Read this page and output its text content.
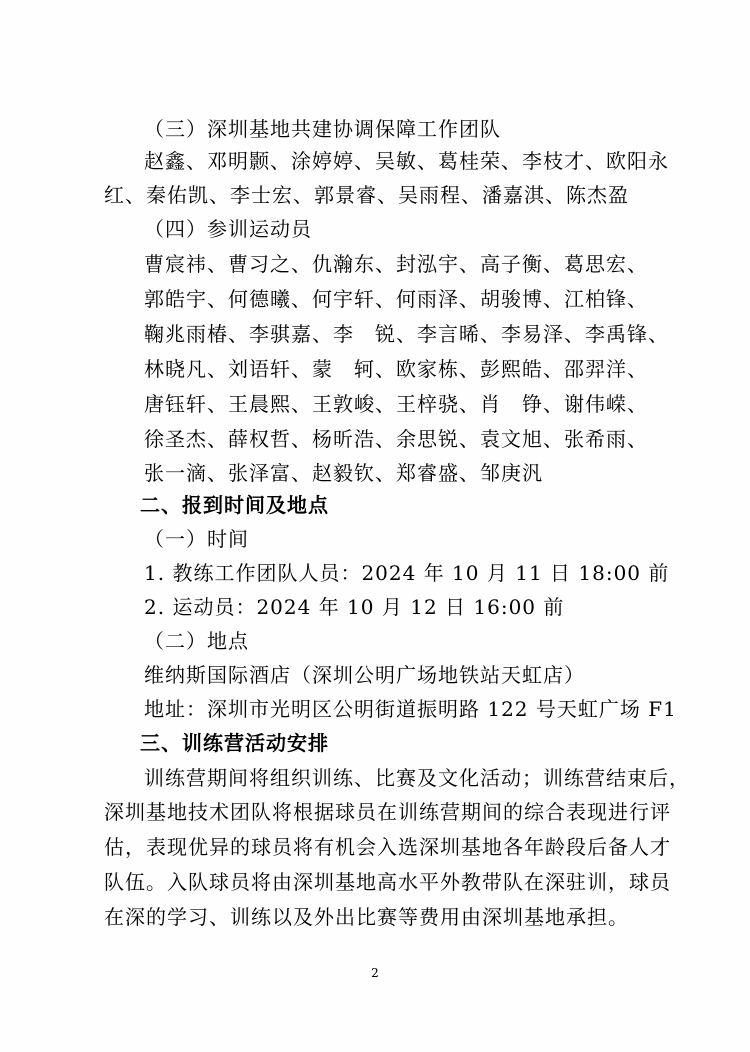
（三）深圳基地共建协调保障工作团队
赵鑫、邓明颢、涂婷婷、吴敏、葛桂荣、李枝才、欧阳永
红、秦佑凯、李士宏、郭景睿、吴雨程、潘嘉淇、陈杰盈
（四）参训运动员
曹宸祎、曹习之、仇瀚东、封泓宇、高子衡、葛思宏、
郭皓宇、何德曦、何宇轩、何雨泽、胡骏博、江柏锋、
鞠兆雨椿、李骐嘉、李　锐、李言晞、李易泽、李禹锋、
林晓凡、刘语轩、蒙　轲、欧家栋、彭熙皓、邵羿洋、
唐钰轩、王晨熙、王敦峻、王梓骁、肖　铮、谢伟嵘、
徐圣杰、薛权哲、杨昕浩、余思锐、袁文旭、张希雨、
张一滴、张泽富、赵毅钦、郑睿盛、邹庚汎
二、报到时间及地点
（一）时间
1. 教练工作团队人员：2024 年 10 月 11 日 18:00 前
2. 运动员：2024 年 10 月 12 日 16:00 前
（二）地点
维纳斯国际酒店（深圳公明广场地铁站天虹店）
地址：深圳市光明区公明街道振明路 122 号天虹广场 F1
三、训练营活动安排
训练营期间将组织训练、比赛及文化活动；训练营结束后，
深圳基地技术团队将根据球员在训练营期间的综合表现进行评
估，表现优异的球员将有机会入选深圳基地各年龄段后备人才
队伍。入队球员将由深圳基地高水平外教带队在深驻训，球员
在深的学习、训练以及外出比赛等费用由深圳基地承担。
2
